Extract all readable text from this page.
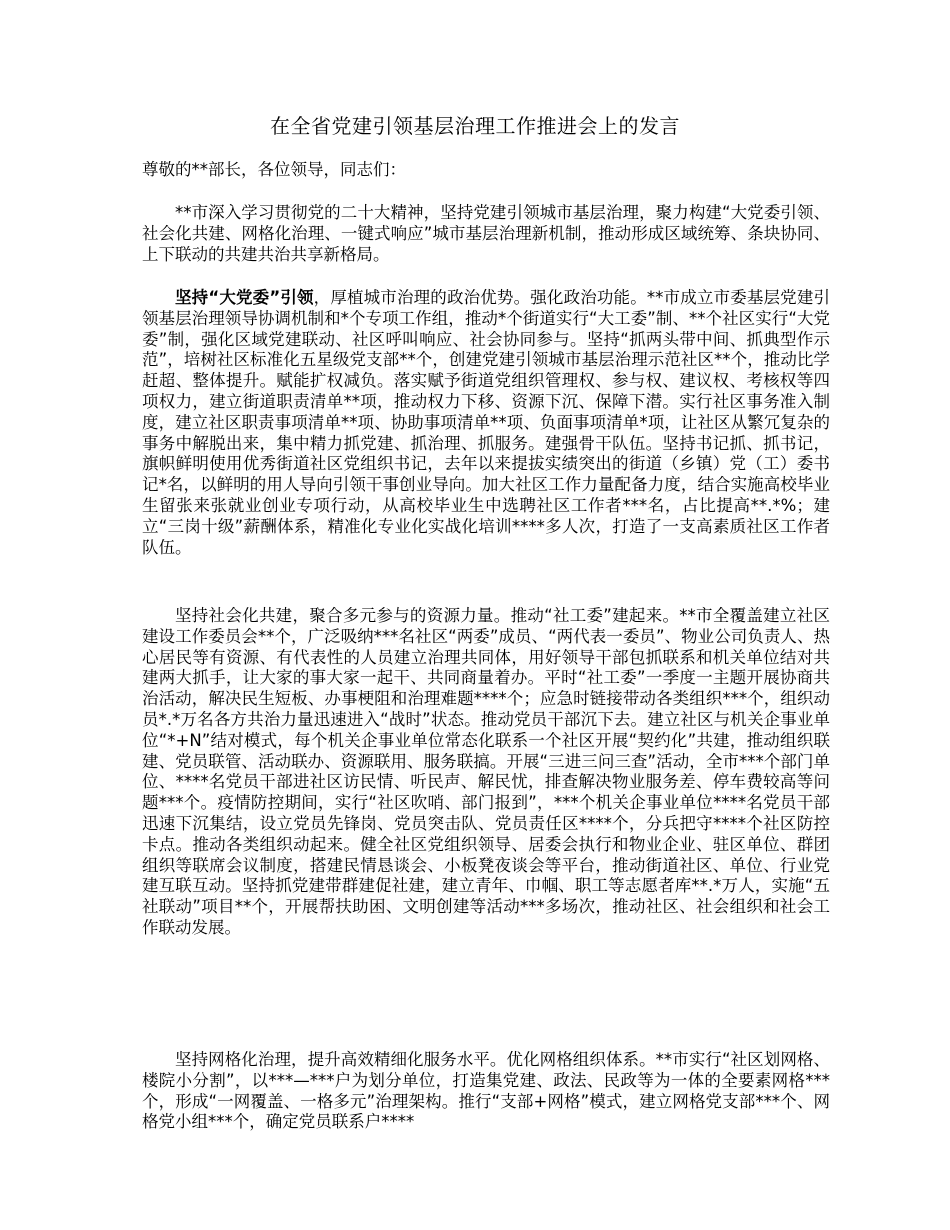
在全省党建引领基层治理工作推进会上的发言

尊敬的**部长，各位领导，同志们：

**市深入学习贯彻党的二十大精神，坚持党建引领城市基层治理，聚力构建“大党委引领、社会化共建、网格化治理、一键式响应”城市基层治理新机制，推动形成区域统筹、条块协同、上下联动的共建共治共享新格局。

坚持“大党委”引领，厚植城市治理的政治优势。强化政治功能。**市成立市委基层党建引领基层治理领导协调机制和*个专项工作组，推动*个街道实行“大工委”制、**个社区实行“大党委”制，强化区域党建联动、社区呼叫响应、社会协同参与。坚持“抓两头带中间、抓典型作示范”，培树社区标准化五星级党支部**个，创建党建引领城市基层治理示范社区**个，推动比学赶超、整体提升。赋能扩权减负。落实赋予街道党组织管理权、参与权、建议权、考核权等四项权力，建立街道职责清单**项，推动权力下移、资源下沉、保障下潜。实行社区事务准入制度，建立社区职责事项清单**项、协助事项清单**项、负面事项清单*项，让社区从繁冗复杂的事务中解脱出来，集中精力抓党建、抓治理、抓服务。建强骨干队伍。坚持书记抓、抓书记，旗帜鲜明使用优秀街道社区党组织书记，去年以来提拔实绩突出的街道（乡镇）党（工）委书记*名，以鲜明的用人导向引领干事创业导向。加大社区工作力量配备力度，结合实施高校毕业生留张来张就业创业专项行动，从高校毕业生中选聘社区工作者***名，占比提高**.*%；建立“三岗十级”薪酬体系，精准化专业化实战化培训****多人次，打造了一支高素质社区工作者队伍。

坚持社会化共建，聚合多元参与的资源力量。推动“社工委”建起来。**市全覆盖建立社区建设工作委员会**个，广泛吸纳***名社区“两委”成员、“两代表一委员”、物业公司负责人、热心居民等有资源、有代表性的人员建立治理共同体，用好领导干部包抓联系和机关单位结对共建两大抓手，让大家的事大家一起干、共同商量着办。平时“社工委”一季度一主题开展协商共治活动，解决民生短板、办事梗阻和治理难题****个；应急时链接带动各类组织***个，组织动员*.*万名各方共治力量迅速进入“战时”状态。推动党员干部沉下去。建立社区与机关企事业单位“*+N”结对模式，每个机关企事业单位常态化联系一个社区开展“契约化”共建，推动组织联建、党员联管、活动联办、资源联用、服务联搞。开展“三进三问三查”活动，全市***个部门单位、****名党员干部进社区访民情、听民声、解民忧，排查解决物业服务差、停车费较高等问题***个。疫情防控期间，实行“社区吹哨、部门报到”，***个机关企事业单位****名党员干部迅速下沉集结，设立党员先锋岗、党员突击队、党员责任区****个，分兵把守****个社区防控卡点。推动各类组织动起来。健全社区党组织领导、居委会执行和物业企业、驻区单位、群团组织等联席会议制度，搭建民情恳谈会、小板凳夜谈会等平台，推动街道社区、单位、行业党建互联互动。坚持抓党建带群建促社建，建立青年、巾帼、职工等志愿者库**.*万人，实施“五社联动”项目**个，开展帮扶助困、文明创建等活动***多场次，推动社区、社会组织和社会工作联动发展。

坚持网格化治理，提升高效精细化服务水平。优化网格组织体系。**市实行“社区划网格、楼院小分割”，以***—***户为划分单位，打造集党建、政法、民政等为一体的全要素网格***个，形成“一网覆盖、一格多元”治理架构。推行“支部+网格”模式，建立网格党支部***个、网格党小组***个，确定党员联系户****
